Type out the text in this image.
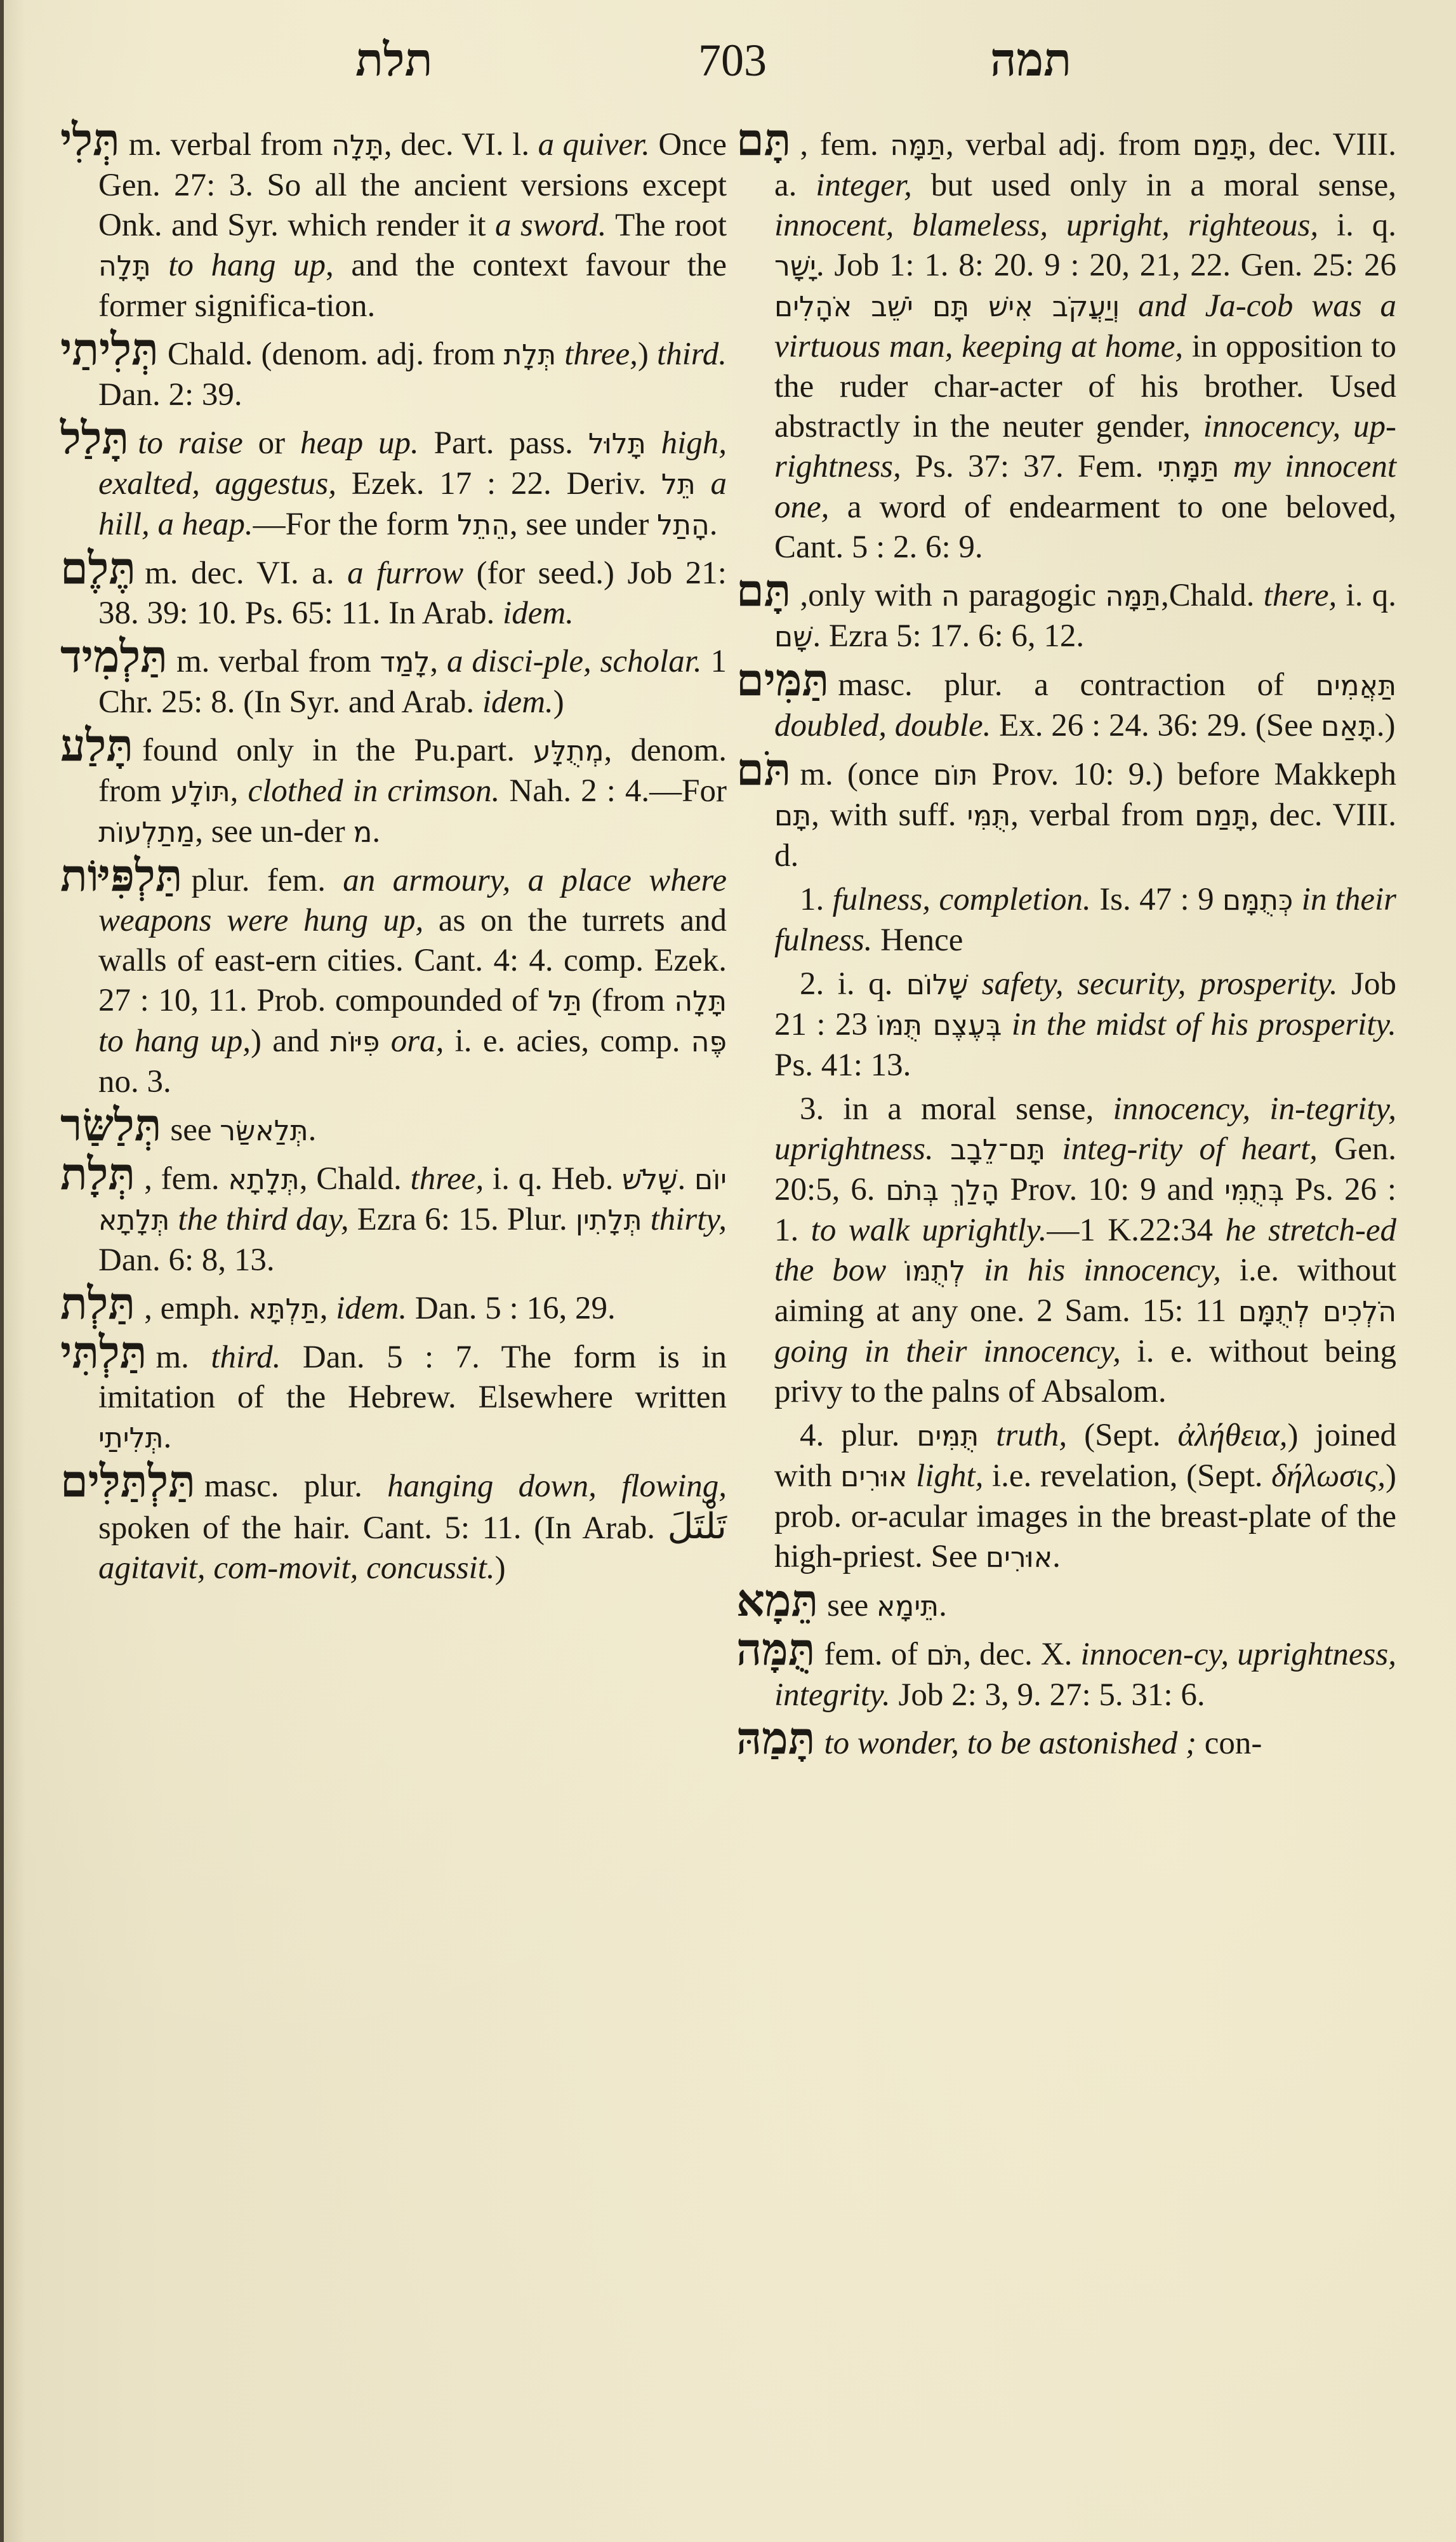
תלת	703	תמה
תְּלִי m. verbal from תָּלָה, dec. VI. l. a quiver. Once Gen. 27: 3. So all the ancient versions except Onk. and Syr. which render it a sword. The root תָּלָה to hang up, and the context favour the former significa-tion.
תְּלִיתַי Chald. (denom. adj. from תְּלָת three,) third. Dan. 2: 39.
תָּלַל to raise or heap up. Part. pass. תָּלוּל high, exalted, aggestus, Ezek. 17 : 22. Deriv. תֵּל a hill, a heap.—For the form הֵתֵל, see under הָתַל.
תֶּלֶם m. dec. VI. a. a furrow (for seed.) Job 21: 38. 39: 10. Ps. 65: 11. In Arab. idem.
תַּלְמִיד m. verbal from לָמַד, a disci-ple, scholar. 1 Chr. 25: 8. (In Syr. and Arab. idem.)
תָּלַע found only in the Pu.part. מְתֻלָּע, denom. from תּוֹלָע, clothed in crimson. Nah. 2 : 4.—For מַתַלְעוֹת, see un-der מ.
תַּלְפִּיּוֹת plur. fem. an armoury, a place where weapons were hung up, as on the turrets and walls of east-ern cities. Cant. 4: 4. comp. Ezek. 27 : 10, 11. Prob. compounded of תַּל (from תָּלָה to hang up,) and פִּיּוֹת ora, i. e. acies, comp. פֶּה no. 3.
תְּלַשַּׂר see תְּלַאשַּׂר.
תְּלָת , fem. תְּלָתָא, Chald. three, i. q. Heb. שָׁלֹשׁ. יוֹם תְּלָתָא the third day, Ezra 6: 15. Plur. תְּלָתִין thirty, Dan. 6: 8, 13.
תַּלְת , emph. תַּלְתָּא, idem. Dan. 5 : 16, 29.
תַּלְתִּי m. third. Dan. 5 : 7. The form is in imitation of the Hebrew. Elsewhere written תְּלִיתַי.
תַּלְתַּלִּים masc. plur. hanging down, flowing, spoken of the hair. Cant. 5: 11. (In Arab. تَلْتَلَ agitavit, com-movit, concussit.)
תָּם , fem. תַּמָּה, verbal adj. from תָּמַם, dec. VIII. a. integer, but used only in a moral sense, innocent, blameless, upright, righteous, i. q. יָשָׁר. Job 1: 1. 8: 20. 9 : 20, 21, 22. Gen. 25: 26 וְיַעֲקֹב אִישׁ תָּם יֹשֵׁב אֹהָלִים and Ja-cob was a virtuous man, keeping at home, in opposition to the ruder char-acter of his brother. Used abstractly in the neuter gender, innocency, up-rightness, Ps. 37: 37. Fem. תַּמָּתִי my innocent one, a word of endearment to one beloved, Cant. 5 : 2. 6: 9.
תָּם ,only with ה paragogic תַּמָּה,Chald. there, i. q. שָׁם. Ezra 5: 17. 6: 6, 12.
תַּמִּים masc. plur. a contraction of תַּאֲמִים doubled, double. Ex. 26 : 24. 36: 29. (See תָּאַם.)
תֹּם m. (once תּוֹם Prov. 10: 9.) before Makkeph תָּם, with suff. תֻּמִּי, verbal from תָּמַם, dec. VIII. d.
1. fulness, completion. Is. 47 : 9 כְּתֻמָּם in their fulness. Hence
2. i. q. שָׁלוֹם safety, security, prosperity. Job 21 : 23 בְּעֶצֶם תֻּמּוֹ in the midst of his prosperity. Ps. 41: 13.
3. in a moral sense, innocency, in-tegrity, uprightness. תָּם־לֵבָב integ-rity of heart, Gen. 20:5, 6. הָלַךְ בְּתֹם Prov. 10: 9 and בְּתֻמִּי Ps. 26 : 1. to walk uprightly.—1 K.22:34 he stretch-ed the bow לְתֻמּוֹ in his innocency, i.e. without aiming at any one. 2 Sam. 15: 11 הֹלְכִים לְתֻמָּם going in their innocency, i. e. without being privy to the palns of Absalom.
4. plur. תֻּמִּים truth, (Sept. ἀλήθεια,) joined with אוּרִים light, i.e. revelation, (Sept. δήλωσις,) prob. or-acular images in the breast-plate of the high-priest. See אוּרִים.
תֵּמָא see תֵּימָא.
תֻּמָּה fem. of תֹּם, dec. X. innocen-cy, uprightness, integrity. Job 2: 3, 9. 27: 5. 31: 6.
תָּמַהּ to wonder, to be astonished ; con-
